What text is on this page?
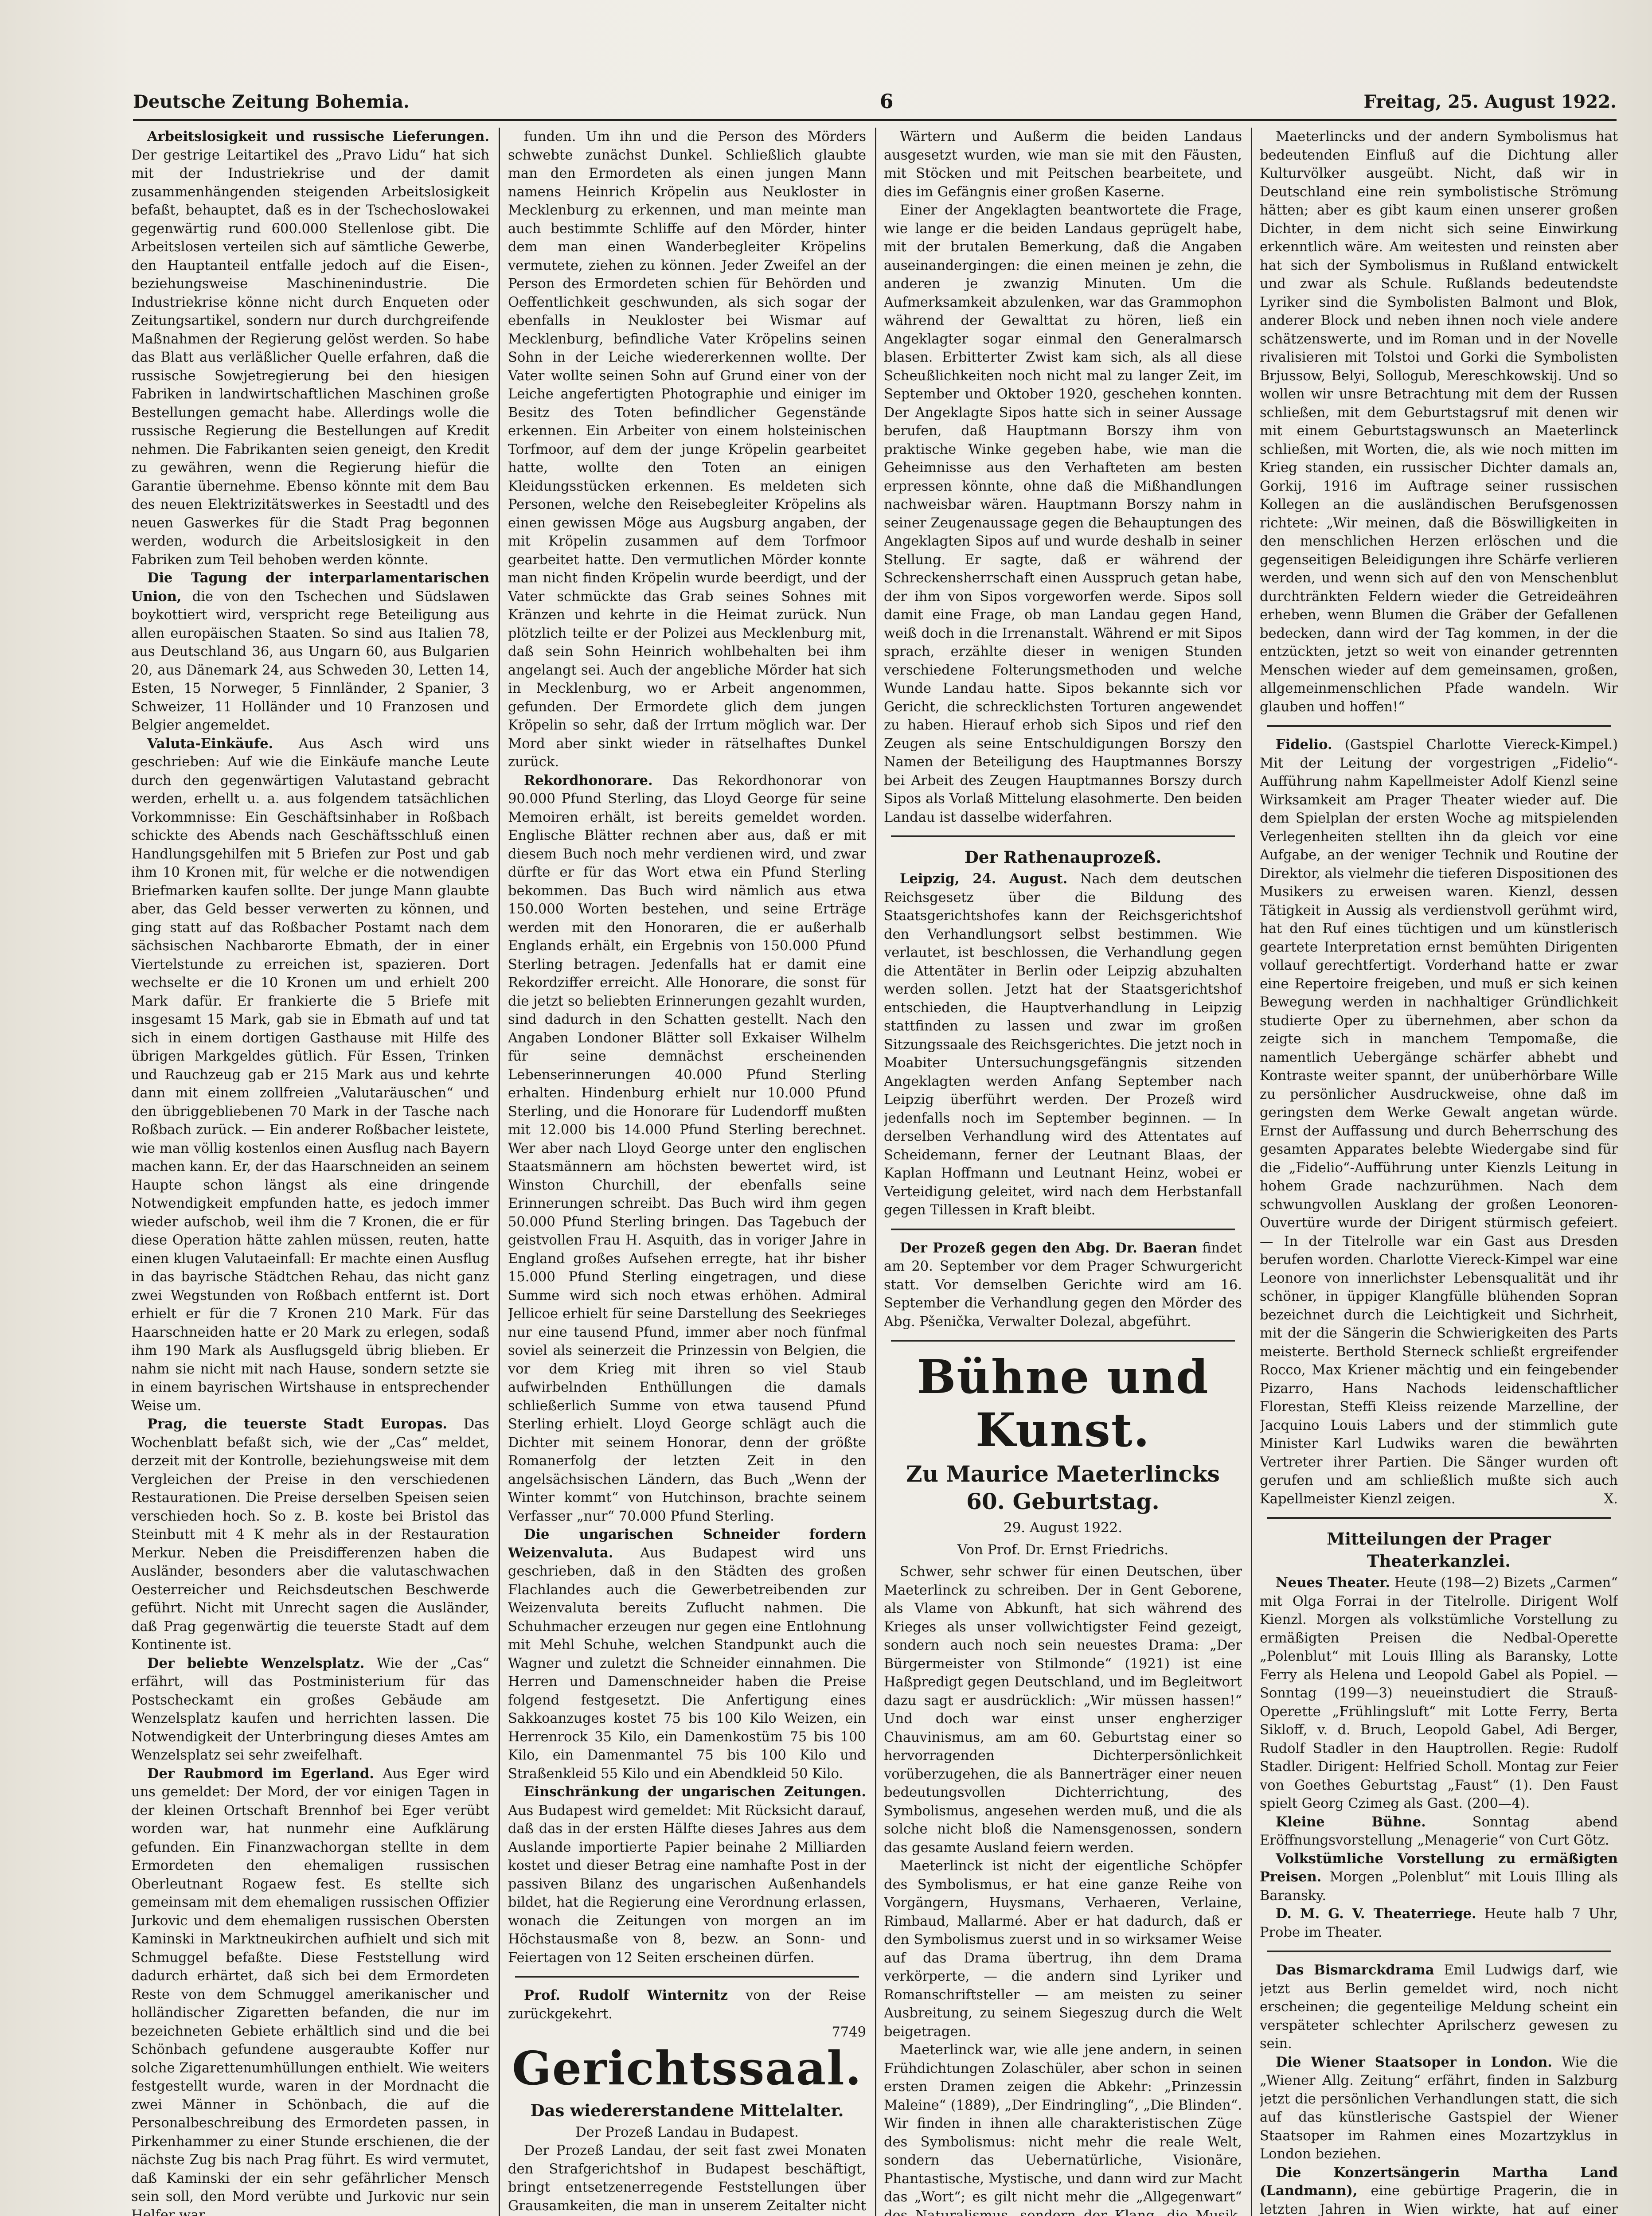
Deutsche Zeitung Bohemia.	6	Freitag, 25. August 1922.

Arbeitslosigkeit und russische Lieferungen. Der gestrige Leitartikel des „Pravo Lidu“ hat sich mit der Industriekrise und der damit zusammenhängenden steigenden Arbeitslosigkeit befaßt, behauptet, daß es in der Tschechoslowakei gegenwärtig rund 600.000 Stellenlose gibt. Die Arbeitslosen verteilen sich auf sämtliche Gewerbe, den Hauptanteil entfalle jedoch auf die Eisen-, beziehungsweise Maschinenindustrie. Die Industriekrise könne nicht durch Enqueten oder Zeitungsartikel, sondern nur durch durchgreifende Maßnahmen der Regierung gelöst werden. So habe das Blatt aus verläßlicher Quelle erfahren, daß die russische Sowjetregierung bei den hiesigen Fabriken in landwirtschaftlichen Maschinen große Bestellungen gemacht habe. Allerdings wolle die russische Regierung die Bestellungen auf Kredit nehmen. Die Fabrikanten seien geneigt, den Kredit zu gewähren, wenn die Regierung hiefür die Garantie übernehme. Ebenso könnte mit dem Bau des neuen Elektrizitätswerkes in Seestadtl und des neuen Gaswerkes für die Stadt Prag begonnen werden, wodurch die Arbeitslosigkeit in den Fabriken zum Teil behoben werden könnte.

Die Tagung der interparlamentarischen Union, die von den Tschechen und Südslawen boykottiert wird, verspricht rege Beteiligung aus allen europäischen Staaten. So sind aus Italien 78, aus Deutschland 36, aus Ungarn 60, aus Bulgarien 20, aus Dänemark 24, aus Schweden 30, Letten 14, Esten, 15 Norweger, 5 Finnländer, 2 Spanier, 3 Schweizer, 11 Holländer und 10 Franzosen und Belgier angemeldet.

Valuta-Einkäufe. Aus Asch wird uns geschrieben: Auf wie die Einkäufe manche Leute durch den gegenwärtigen Valutastand gebracht werden, erhellt u. a. aus folgendem tatsächlichen Vorkommnisse: Ein Geschäftsinhaber in Roßbach schickte des Abends nach Geschäftsschluß einen Handlungsgehilfen mit 5 Briefen zur Post und gab ihm 10 Kronen mit, für welche er die notwendigen Briefmarken kaufen sollte. Der junge Mann glaubte aber, das Geld besser verwerten zu können, und ging statt auf das Roßbacher Postamt nach dem sächsischen Nachbarorte Ebmath, der in einer Viertelstunde zu erreichen ist, spazieren. Dort wechselte er die 10 Kronen um und erhielt 200 Mark dafür. Er frankierte die 5 Briefe mit insgesamt 15 Mark, gab sie in Ebmath auf und tat sich in einem dortigen Gasthause mit Hilfe des übrigen Markgeldes gütlich. Für Essen, Trinken und Rauchzeug gab er 215 Mark aus und kehrte dann mit einem zollfreien „Valutaräuschen“ und den übriggebliebenen 70 Mark in der Tasche nach Roßbach zurück. — Ein anderer Roßbacher leistete, wie man völlig kostenlos einen Ausflug nach Bayern machen kann. Er, der das Haarschneiden an seinem Haupte schon längst als eine dringende Notwendigkeit empfunden hatte, es jedoch immer wieder aufschob, weil ihm die 7 Kronen, die er für diese Operation hätte zahlen müssen, reuten, hatte einen klugen Valutaeinfall: Er machte einen Ausflug in das bayrische Städtchen Rehau, das nicht ganz zwei Wegstunden von Roßbach entfernt ist. Dort erhielt er für die 7 Kronen 210 Mark. Für das Haarschneiden hatte er 20 Mark zu erlegen, sodaß ihm 190 Mark als Ausflugsgeld übrig blieben. Er nahm sie nicht mit nach Hause, sondern setzte sie in einem bayrischen Wirtshause in entsprechender Weise um.

Prag, die teuerste Stadt Europas. Das Wochenblatt befaßt sich, wie der „Cas“ meldet, derzeit mit der Kontrolle, beziehungsweise mit dem Vergleichen der Preise in den verschiedenen Restaurationen. Die Preise derselben Speisen seien verschieden hoch. So z. B. koste bei Bristol das Steinbutt mit 4 K mehr als in der Restauration Merkur. Neben die Preisdifferenzen haben die Ausländer, besonders aber die valutaschwachen Oesterreicher und Reichsdeutschen Beschwerde geführt. Nicht mit Unrecht sagen die Ausländer, daß Prag gegenwärtig die teuerste Stadt auf dem Kontinente ist.

Der beliebte Wenzelsplatz. Wie der „Cas“ erfährt, will das Postministerium für das Postscheckamt ein großes Gebäude am Wenzelsplatz kaufen und herrichten lassen. Die Notwendigkeit der Unterbringung dieses Amtes am Wenzelsplatz sei sehr zweifelhaft.

Der Raubmord im Egerland. Aus Eger wird uns gemeldet: Der Mord, der vor einigen Tagen in der kleinen Ortschaft Brennhof bei Eger verübt worden war, hat nunmehr eine Aufklärung gefunden. Ein Finanzwachorgan stellte in dem Ermordeten den ehemaligen russischen Oberleutnant Rogaew fest. Es stellte sich gemeinsam mit dem ehemaligen russischen Offizier Jurkovic und dem ehemaligen russischen Obersten Kaminski in Marktneukirchen aufhielt und sich mit Schmuggel befaßte. Diese Feststellung wird dadurch erhärtet, daß sich bei dem Ermordeten Reste von dem Schmuggel amerikanischer und holländischer Zigaretten befanden, die nur im bezeichneten Gebiete erhältlich sind und die bei Schönbach gefundene ausgeraubte Koffer nur solche Zigarettenumhüllungen enthielt. Wie weiters festgestellt wurde, waren in der Mordnacht die zwei Männer in Schönbach, die auf die Personalbeschreibung des Ermordeten passen, in Pirkenhammer zu einer Stunde erschienen, die der nächste Zug bis nach Prag führt. Es wird vermutet, daß Kaminski der ein sehr gefährlicher Mensch sein soll, den Mord verübte und Jurkovic nur sein Helfer war.

funden. Um ihn und die Person des Mörders schwebte zunächst Dunkel. Schließlich glaubte man den Ermordeten als einen jungen Mann namens Heinrich Kröpelin aus Neukloster in Mecklenburg zu erkennen, und man meinte man auch bestimmte Schliffe auf den Mörder, hinter dem man einen Wanderbegleiter Kröpelins vermutete, ziehen zu können. Jeder Zweifel an der Person des Ermordeten schien für Behörden und Oeffentlichkeit geschwunden, als sich sogar der ebenfalls in Neukloster bei Wismar auf Mecklenburg, befindliche Vater Kröpelins seinen Sohn in der Leiche wiedererkennen wollte. Der Vater wollte seinen Sohn auf Grund einer von der Leiche angefertigten Photographie und einiger im Besitz des Toten befindlicher Gegenstände erkennen. Ein Arbeiter von einem holsteinischen Torfmoor, auf dem der junge Kröpelin gearbeitet hatte, wollte den Toten an einigen Kleidungsstücken erkennen. Es meldeten sich Personen, welche den Reisebegleiter Kröpelins als einen gewissen Möge aus Augsburg angaben, der mit Kröpelin zusammen auf dem Torfmoor gearbeitet hatte. Den vermutlichen Mörder konnte man nicht finden Kröpelin wurde beerdigt, und der Vater schmückte das Grab seines Sohnes mit Kränzen und kehrte in die Heimat zurück. Nun plötzlich teilte er der Polizei aus Mecklenburg mit, daß sein Sohn Heinrich wohlbehalten bei ihm angelangt sei. Auch der angebliche Mörder hat sich in Mecklenburg, wo er Arbeit angenommen, gefunden. Der Ermordete glich dem jungen Kröpelin so sehr, daß der Irrtum möglich war. Der Mord aber sinkt wieder in rätselhaftes Dunkel zurück.

Rekordhonorare. Das Rekordhonorar von 90.000 Pfund Sterling, das Lloyd George für seine Memoiren erhält, ist bereits gemeldet worden. Englische Blätter rechnen aber aus, daß er mit diesem Buch noch mehr verdienen wird, und zwar dürfte er für das Wort etwa ein Pfund Sterling bekommen. Das Buch wird nämlich aus etwa 150.000 Worten bestehen, und seine Erträge werden mit den Honoraren, die er außerhalb Englands erhält, ein Ergebnis von 150.000 Pfund Sterling betragen. Jedenfalls hat er damit eine Rekordziffer erreicht. Alle Honorare, die sonst für die jetzt so beliebten Erinnerungen gezahlt wurden, sind dadurch in den Schatten gestellt. Nach den Angaben Londoner Blätter soll Exkaiser Wilhelm für seine demnächst erscheinenden Lebenserinnerungen 40.000 Pfund Sterling erhalten. Hindenburg erhielt nur 10.000 Pfund Sterling, und die Honorare für Ludendorff mußten mit 12.000 bis 14.000 Pfund Sterling berechnet. Wer aber nach Lloyd George unter den englischen Staatsmännern am höchsten bewertet wird, ist Winston Churchill, der ebenfalls seine Erinnerungen schreibt. Das Buch wird ihm gegen 50.000 Pfund Sterling bringen. Das Tagebuch der geistvollen Frau H. Asquith, das in voriger Jahre in England großes Aufsehen erregte, hat ihr bisher 15.000 Pfund Sterling eingetragen, und diese Summe wird sich noch etwas erhöhen. Admiral Jellicoe erhielt für seine Darstellung des Seekrieges nur eine tausend Pfund, immer aber noch fünfmal soviel als seinerzeit die Prinzessin von Belgien, die vor dem Krieg mit ihren so viel Staub aufwirbelnden Enthüllungen die damals schließerlich Summe von etwa tausend Pfund Sterling erhielt. Lloyd George schlägt auch die Dichter mit seinem Honorar, denn der größte Romanerfolg der letzten Zeit in den angelsächsischen Ländern, das Buch „Wenn der Winter kommt“ von Hutchinson, brachte seinem Verfasser „nur“ 70.000 Pfund Sterling.

Die ungarischen Schneider fordern Weizenvaluta. Aus Budapest wird uns geschrieben, daß in den Städten des großen Flachlandes auch die Gewerbetreibenden zur Weizenvaluta bereits Zuflucht nahmen. Die Schuhmacher erzeugen nur gegen eine Entlohnung mit Mehl Schuhe, welchen Standpunkt auch die Wagner und zuletzt die Schneider einnahmen. Die Herren und Damenschneider haben die Preise folgend festgesetzt. Die Anfertigung eines Sakkoanzuges kostet 75 bis 100 Kilo Weizen, ein Herrenrock 35 Kilo, ein Damenkostüm 75 bis 100 Kilo, ein Damenmantel 75 bis 100 Kilo und Straßenkleid 55 Kilo und ein Abendkleid 50 Kilo.

Einschränkung der ungarischen Zeitungen. Aus Budapest wird gemeldet: Mit Rücksicht darauf, daß das in der ersten Hälfte dieses Jahres aus dem Auslande importierte Papier beinahe 2 Milliarden kostet und dieser Betrag eine namhafte Post in der passiven Bilanz des ungarischen Außenhandels bildet, hat die Regierung eine Verordnung erlassen, wonach die Zeitungen von morgen an im Höchstausmaße von 8, bezw. an Sonn- und Feiertagen von 12 Seiten erscheinen dürfen.

Prof. Rudolf Winternitz von der Reise zurückgekehrt.

7749

Gerichtssaal.

Das wiedererstandene Mittelalter.

Der Prozeß Landau in Budapest.

Der Prozeß Landau, der seit fast zwei Monaten den Strafgerichtshof in Budapest beschäftigt, bringt entsetzenerregende Feststellungen über Grausamkeiten, die man in unserem Zeitalter nicht

Wärtern und Außerm die beiden Landaus ausgesetzt wurden, wie man sie mit den Fäusten, mit Stöcken und mit Peitschen bearbeitete, und dies im Gefängnis einer großen Kaserne.

Einer der Angeklagten beantwortete die Frage, wie lange er die beiden Landaus geprügelt habe, mit der brutalen Bemerkung, daß die Angaben auseinandergingen: die einen meinen je zehn, die anderen je zwanzig Minuten. Um die Aufmerksamkeit abzulenken, war das Grammophon während der Gewalttat zu hören, ließ ein Angeklagter sogar einmal den Generalmarsch blasen. Erbitterter Zwist kam sich, als all diese Scheußlichkeiten noch nicht mal zu langer Zeit, im September und Oktober 1920, geschehen konnten. Der Angeklagte Sipos hatte sich in seiner Aussage berufen, daß Hauptmann Borszy ihm von praktische Winke gegeben habe, wie man die Geheimnisse aus den Verhafteten am besten erpressen könnte, ohne daß die Mißhandlungen nachweisbar wären. Hauptmann Borszy nahm in seiner Zeugenaussage gegen die Behauptungen des Angeklagten Sipos auf und wurde deshalb in seiner Stellung. Er sagte, daß er während der Schreckensherrschaft einen Ausspruch getan habe, der ihm von Sipos vorgeworfen werde. Sipos soll damit eine Frage, ob man Landau gegen Hand, weiß doch in die Irrenanstalt. Während er mit Sipos sprach, erzählte dieser in wenigen Stunden verschiedene Folterungsmethoden und welche Wunde Landau hatte. Sipos bekannte sich vor Gericht, die schrecklichsten Torturen angewendet zu haben. Hierauf erhob sich Sipos und rief den Zeugen als seine Entschuldigungen Borszy den Namen der Beteiligung des Hauptmannes Borszy bei Arbeit des Zeugen Hauptmannes Borszy durch Sipos als Vorlaß Mittelung elasohmerte. Den beiden Landau ist dasselbe widerfahren.

Der Rathenauprozeß.

Leipzig, 24. August. Nach dem deutschen Reichsgesetz über die Bildung des Staatsgerichtshofes kann der Reichsgerichtshof den Verhandlungsort selbst bestimmen. Wie verlautet, ist beschlossen, die Verhandlung gegen die Attentäter in Berlin oder Leipzig abzuhalten werden sollen. Jetzt hat der Staatsgerichtshof entschieden, die Hauptverhandlung in Leipzig stattfinden zu lassen und zwar im großen Sitzungssaale des Reichsgerichtes. Die jetzt noch in Moabiter Untersuchungsgefängnis sitzenden Angeklagten werden Anfang September nach Leipzig überführt werden. Der Prozeß wird jedenfalls noch im September beginnen. — In derselben Verhandlung wird des Attentates auf Scheidemann, ferner der Leutnant Blaas, der Kaplan Hoffmann und Leutnant Heinz, wobei er Verteidigung geleitet, wird nach dem Herbstanfall gegen Tillessen in Kraft bleibt.

Der Prozeß gegen den Abg. Dr. Baeran findet am 20. September vor dem Prager Schwurgericht statt. Vor demselben Gerichte wird am 16. September die Verhandlung gegen den Mörder des Abg. Pšenička, Verwalter Dolezal, abgeführt.

Bühne und Kunst.

Zu Maurice Maeterlincks 60. Geburtstag.

29. August 1922.

Von Prof. Dr. Ernst Friedrichs.

Schwer, sehr schwer für einen Deutschen, über Maeterlinck zu schreiben. Der in Gent Geborene, als Vlame von Abkunft, hat sich während des Krieges als unser vollwichtigster Feind gezeigt, sondern auch noch sein neuestes Drama: „Der Bürgermeister von Stilmonde“ (1921) ist eine Haßpredigt gegen Deutschland, und im Begleitwort dazu sagt er ausdrücklich: „Wir müssen hassen!“ Und doch war einst unser engherziger Chauvinismus, am am 60. Geburtstag einer so hervorragenden Dichterpersönlichkeit vorüberzugehen, die als Bannerträger einer neuen bedeutungsvollen Dichterrichtung, des Symbolismus, angesehen werden muß, und die als solche nicht bloß die Namensgenossen, sondern das gesamte Ausland feiern werden.

Maeterlinck ist nicht der eigentliche Schöpfer des Symbolismus, er hat eine ganze Reihe von Vorgängern, Huysmans, Verhaeren, Verlaine, Rimbaud, Mallarmé. Aber er hat dadurch, daß er den Symbolismus zuerst und in so wirksamer Weise auf das Drama übertrug, ihn dem Drama verkörperte, — die andern sind Lyriker und Romanschriftsteller — am meisten zu seiner Ausbreitung, zu seinem Siegeszug durch die Welt beigetragen.

Maeterlinck war, wie alle jene andern, in seinen Frühdichtungen Zolaschüler, aber schon in seinen ersten Dramen zeigen die Abkehr: „Prinzessin Maleine“ (1889), „Der Eindringling“, „Die Blinden“. Wir finden in ihnen alle charakteristischen Züge des Symbolismus: nicht mehr die reale Welt, sondern das Uebernatürliche, Visionäre, Phantastische, Mystische, und dann wird zur Macht das „Wort“; es gilt nicht mehr die „Allgegenwart“ des Naturalismus, sondern der Klang, die Musik,

Maeterlincks und der andern Symbolismus hat bedeutenden Einfluß auf die Dichtung aller Kulturvölker ausgeübt. Nicht, daß wir in Deutschland eine rein symbolistische Strömung hätten; aber es gibt kaum einen unserer großen Dichter, in dem nicht sich seine Einwirkung erkenntlich wäre. Am weitesten und reinsten aber hat sich der Symbolismus in Rußland entwickelt und zwar als Schule. Rußlands bedeutendste Lyriker sind die Symbolisten Balmont und Blok, anderer Block und neben ihnen noch viele andere schätzenswerte, und im Roman und in der Novelle rivalisieren mit Tolstoi und Gorki die Symbolisten Brjussow, Belyi, Sollogub, Mereschkowskij. Und so wollen wir unsre Betrachtung mit dem der Russen schließen, mit dem Geburtstagsruf mit denen wir mit einem Geburtstagswunsch an Maeterlinck schließen, mit Worten, die, als wie noch mitten im Krieg standen, ein russischer Dichter damals an, Gorkij, 1916 im Auftrage seiner russischen Kollegen an die ausländischen Berufsgenossen richtete: „Wir meinen, daß die Böswilligkeiten in den menschlichen Herzen erlöschen und die gegenseitigen Beleidigungen ihre Schärfe verlieren werden, und wenn sich auf den von Menschenblut durchtränkten Feldern wieder die Getreideähren erheben, wenn Blumen die Gräber der Gefallenen bedecken, dann wird der Tag kommen, in der die entzückten, jetzt so weit von einander getrennten Menschen wieder auf dem gemeinsamen, großen, allgemeinmenschlichen Pfade wandeln. Wir glauben und hoffen!“

Fidelio. (Gastspiel Charlotte Viereck-Kimpel.) Mit der Leitung der vorgestrigen „Fidelio“-Aufführung nahm Kapellmeister Adolf Kienzl seine Wirksamkeit am Prager Theater wieder auf. Die dem Spielplan der ersten Woche ag mitspielenden Verlegenheiten stellten ihn da gleich vor eine Aufgabe, an der weniger Technik und Routine der Direktor, als vielmehr die tieferen Dispositionen des Musikers zu erweisen waren. Kienzl, dessen Tätigkeit in Aussig als verdienstvoll gerühmt wird, hat den Ruf eines tüchtigen und um künstlerisch geartete Interpretation ernst bemühten Dirigenten vollauf gerechtfertigt. Vorderhand hatte er zwar eine Repertoire freigeben, und muß er sich keinen Bewegung werden in nachhaltiger Gründlichkeit studierte Oper zu übernehmen, aber schon da zeigte sich in manchem Tempomaße, die namentlich Uebergänge schärfer abhebt und Kontraste weiter spannt, der unüberhörbare Wille zu persönlicher Ausdruckweise, ohne daß im geringsten dem Werke Gewalt angetan würde. Ernst der Auffassung und durch Beherrschung des gesamten Apparates belebte Wiedergabe sind für die „Fidelio“-Aufführung unter Kienzls Leitung in hohem Grade nachzurühmen. Nach dem schwungvollen Ausklang der großen Leonoren-Ouvertüre wurde der Dirigent stürmisch gefeiert. — In der Titelrolle war ein Gast aus Dresden berufen worden. Charlotte Viereck-Kimpel war eine Leonore von innerlichster Lebensqualität und ihr schöner, in üppiger Klangfülle blühenden Sopran bezeichnet durch die Leichtigkeit und Sichrheit, mit der die Sängerin die Schwierigkeiten des Parts meisterte. Berthold Sterneck schließt ergreifender Rocco, Max Kriener mächtig und ein feingebender Pizarro, Hans Nachods leidenschaftlicher Florestan, Steffi Kleiss reizende Marzelline, der Jacquino Louis Labers und der stimmlich gute Minister Karl Ludwiks waren die bewährten Vertreter ihrer Partien. Die Sänger wurden oft gerufen und am schließlich mußte sich auch Kapellmeister Kienzl zeigen.	X.

Mitteilungen der Prager Theaterkanzlei.

Neues Theater. Heute (198—2) Bizets „Carmen“ mit Olga Forrai in der Titelrolle. Dirigent Wolf Kienzl. Morgen als volkstümliche Vorstellung zu ermäßigten Preisen die Nedbal-Operette „Polenblut“ mit Louis Illing als Baransky, Lotte Ferry als Helena und Leopold Gabel als Popiel. — Sonntag (199—3) neueinstudiert die Strauß-Operette „Frühlingsluft“ mit Lotte Ferry, Berta Sikloff, v. d. Bruch, Leopold Gabel, Adi Berger, Rudolf Stadler in den Hauptrollen. Regie: Rudolf Stadler. Dirigent: Helfried Scholl. Montag zur Feier von Goethes Geburtstag „Faust“ (1). Den Faust spielt Georg Czimeg als Gast. (200—4).

Kleine Bühne. Sonntag abend Eröffnungsvorstellung „Menagerie“ von Curt Götz.

Volkstümliche Vorstellung zu ermäßigten Preisen. Morgen „Polenblut“ mit Louis Illing als Baransky.

D. M. G. V. Theaterriege. Heute halb 7 Uhr, Probe im Theater.

Das Bismarckdrama Emil Ludwigs darf, wie jetzt aus Berlin gemeldet wird, noch nicht erscheinen; die gegenteilige Meldung scheint ein verspäteter schlechter Aprilscherz gewesen zu sein.

Die Wiener Staatsoper in London. Wie die „Wiener Allg. Zeitung“ erfährt, finden in Salzburg jetzt die persönlichen Verhandlungen statt, die sich auf das künstlerische Gastspiel der Wiener Staatsoper im Rahmen eines Mozartzyklus in London beziehen.

Die Konzertsängerin Martha Land (Landmann), eine gebürtige Pragerin, die in letzten Jahren in Wien wirkte, hat auf einer
